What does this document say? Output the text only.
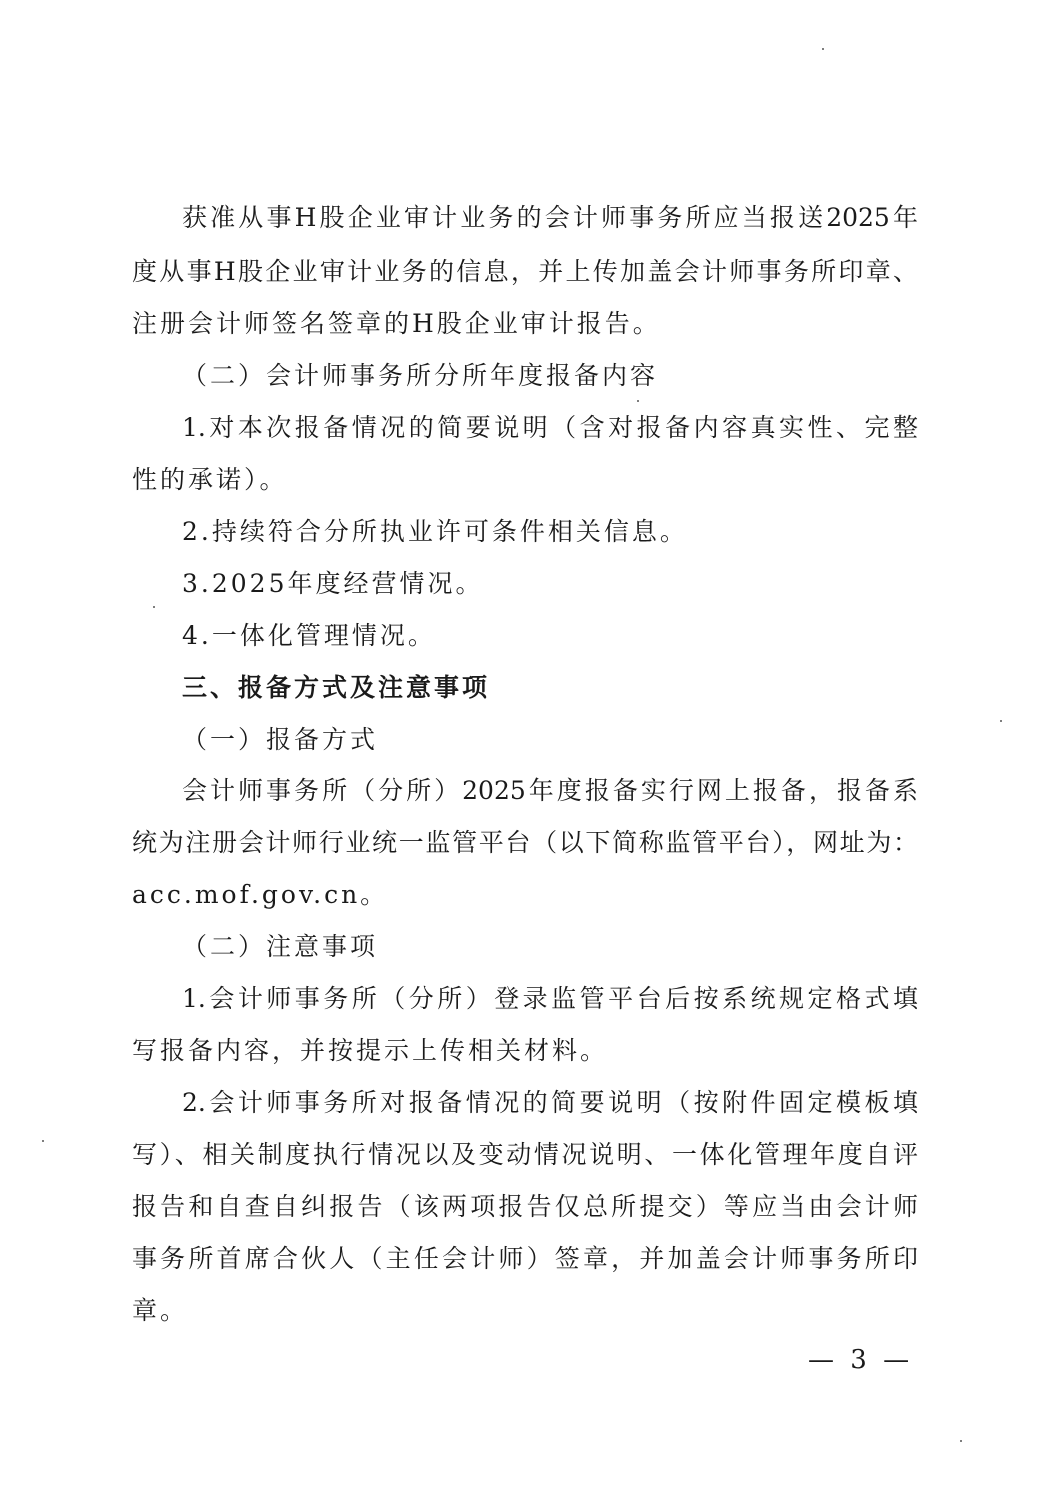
获准从事H股企业审计业务的会计师事务所应当报送2025年
度从事H股企业审计业务的信息，并上传加盖会计师事务所印章、
注册会计师签名签章的H股企业审计报告。
（二）会计师事务所分所年度报备内容
1.对本次报备情况的简要说明（含对报备内容真实性、完整
性的承诺）。
2.持续符合分所执业许可条件相关信息。
3.2025年度经营情况。
4.一体化管理情况。
三、报备方式及注意事项
（一）报备方式
会计师事务所（分所）2025年度报备实行网上报备，报备系
统为注册会计师行业统一监管平台（以下简称监管平台），网址为：
acc.mof.gov.cn。
（二）注意事项
1.会计师事务所（分所）登录监管平台后按系统规定格式填
写报备内容，并按提示上传相关材料。
2.会计师事务所对报备情况的简要说明（按附件固定模板填
写）、相关制度执行情况以及变动情况说明、一体化管理年度自评
报告和自查自纠报告（该两项报告仅总所提交）等应当由会计师
事务所首席合伙人（主任会计师）签章，并加盖会计师事务所印
章。
— 3 —
